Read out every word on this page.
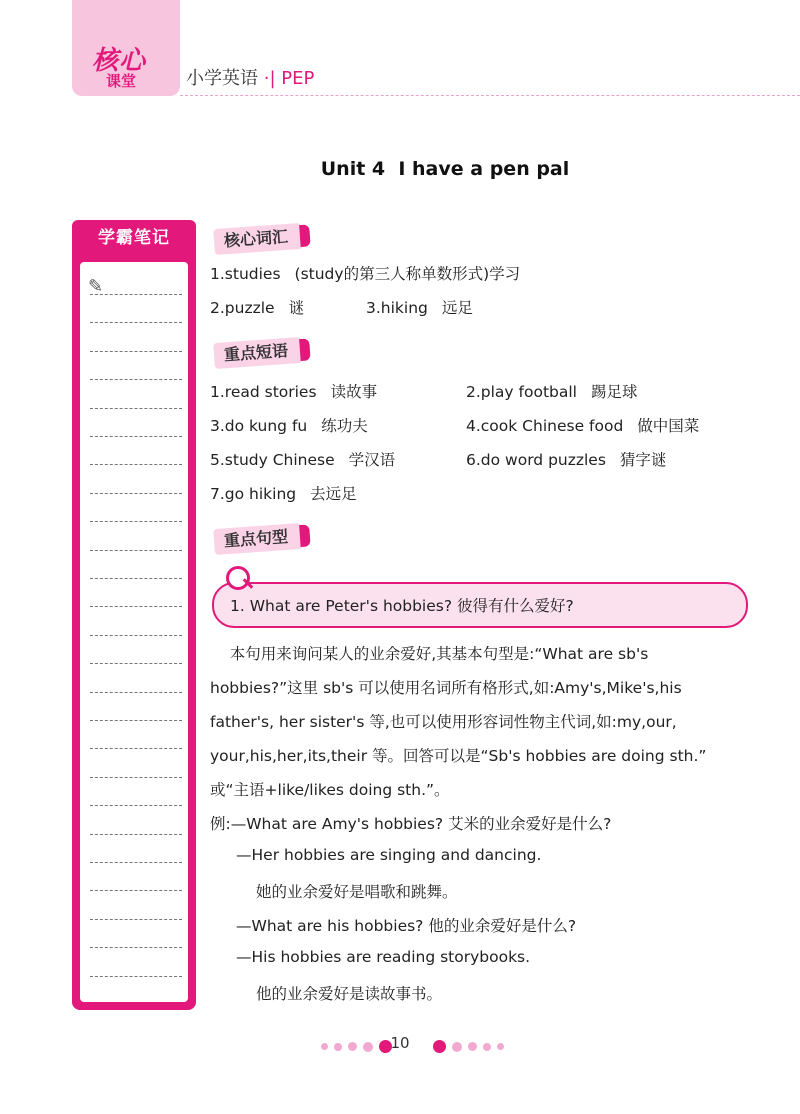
核心
课堂	小学英语 ·| PEP
Unit 4  I have a pen pal
学霸笔记
✎
核心词汇
1.studies (study的第三人称单数形式)学习
2.puzzle 谜	3.hiking 远足
重点短语
1.read stories 读故事	2.play football 踢足球
3.do kung fu 练功夫	4.cook Chinese food 做中国菜
5.study Chinese 学汉语	6.do word puzzles 猜字谜
7.go hiking 去远足
重点句型
1. What are Peter's hobbies? 彼得有什么爱好?
本句用来询问某人的业余爱好,其基本句型是:“What are sb's
hobbies?”这里 sb's 可以使用名词所有格形式,如:Amy's,Mike's,his
father's, her sister's 等,也可以使用形容词性物主代词,如:my,our,
your,his,her,its,their 等。回答可以是“Sb's hobbies are doing sth.”
或“主语+like/likes doing sth.”。
例:—What are Amy's hobbies? 艾米的业余爱好是什么?
—Her hobbies are singing and dancing.
她的业余爱好是唱歌和跳舞。
—What are his hobbies? 他的业余爱好是什么?
—His hobbies are reading storybooks.
他的业余爱好是读故事书。
10
